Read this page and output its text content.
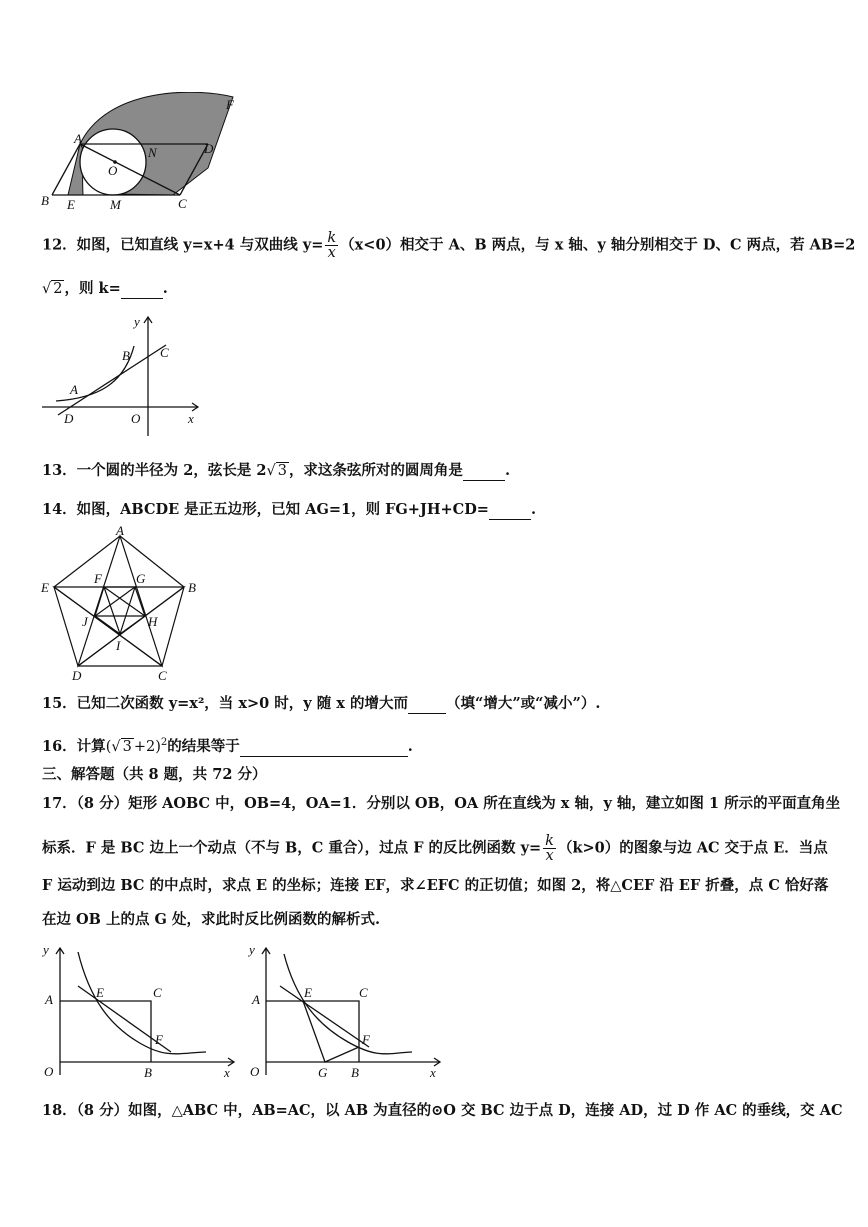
A
F
N	D
O
B E	M	C
12．如图，已知直线 y=x+4 与双曲线 $y= \frac{k}{x} (x<0)$相交于 A、B 两点，与 x 轴、y 轴分别相交于 D、C 两点，若 AB=2
√ 2 ，则 k=	.
y
B C
A
D	O	x
13．一个圆的半径为 2，弦长是 2√ 3 ，求这条弦所对的圆周角是	.
14．如图，ABCDE 是正五边形，已知 AG=1，则 FG+JH+CD=	.
A
E
F	G
B
J	H
I
D	C
15．已知二次函数 y=x²，当 x>0 时，y 随 x 的增大而	（填“增大”或“减小”）.
16．计算(√ 3 +2)$^2$的结果等于	.
三、解答题（共 8 题，共 72 分）
17．（8 分）矩形 AOBC 中，OB=4，OA=1．分别以 OB，OA 所在直线为 x 轴，y 轴，建立如图 1 所示的平面直角坐
标系．F 是 BC 边上一个动点（不与 B，C 重合），过点 F 的反比例函数 $y= \frac{k}{x} (k>0)$的图象与边 AC 交于点 E．当点
F 运动到边 BC 的中点时，求点 E 的坐标；连接 EF，求∠EFC 的正切值；如图 2，将△CEF 沿 EF 折叠，点 C 恰好落
在边 OB 上的点 G 处，求此时反比例函数的解析式.
y
A	E	C
F
O	B	x
y
A	E	C
F
O	G B	x
18．（8 分）如图，△ABC 中，AB=AC，以 AB 为直径的⊙O 交 BC 边于点 D，连接 AD，过 D 作 AC 的垂线，交 AC
